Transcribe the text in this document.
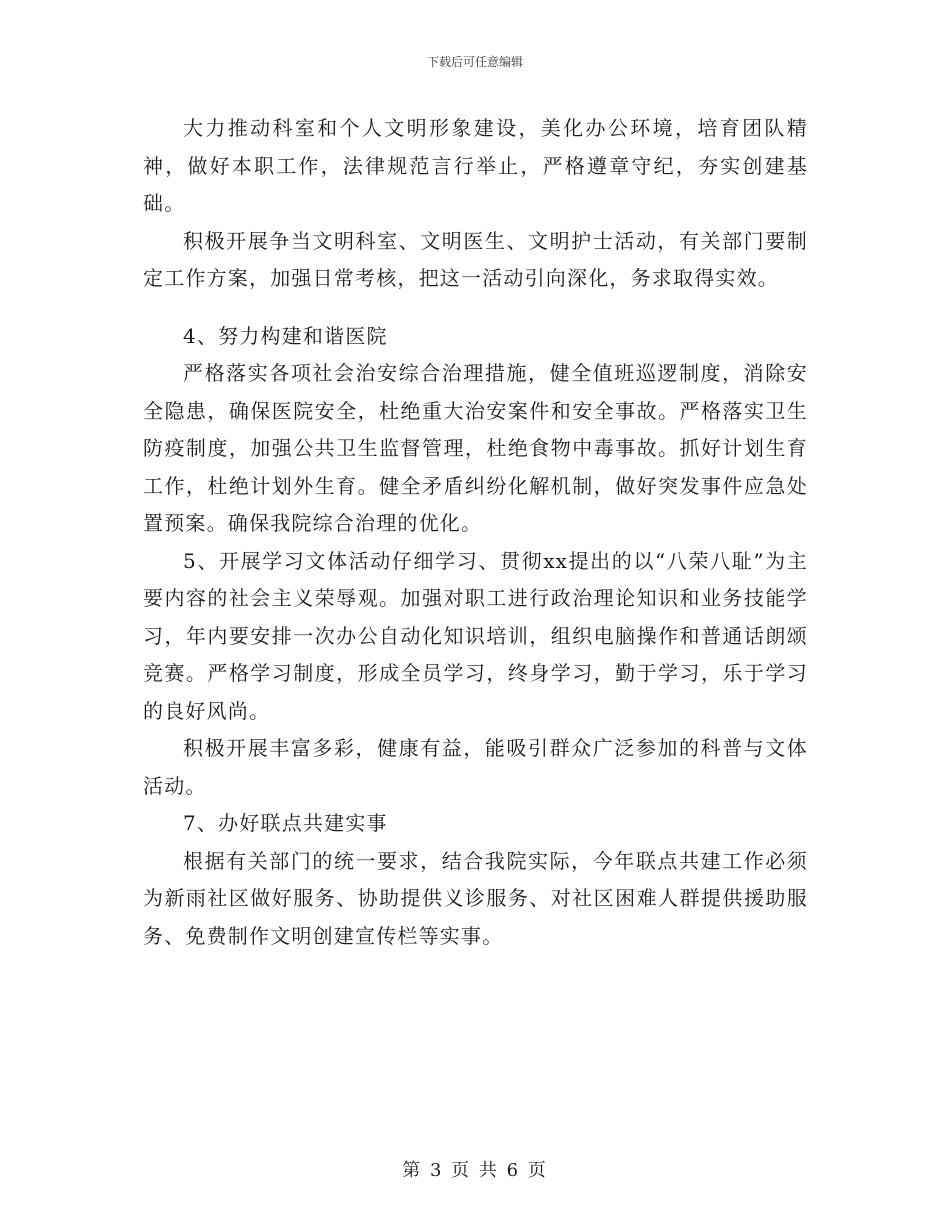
下载后可任意编辑

大力推动科室和个人文明形象建设，美化办公环境，培育团队精神，做好本职工作，法律规范言行举止，严格遵章守纪，夯实创建基础。

积极开展争当文明科室、文明医生、文明护士活动，有关部门要制定工作方案，加强日常考核，把这一活动引向深化，务求取得实效。

4、努力构建和谐医院

严格落实各项社会治安综合治理措施，健全值班巡逻制度，消除安全隐患，确保医院安全，杜绝重大治安案件和安全事故。严格落实卫生防疫制度，加强公共卫生监督管理，杜绝食物中毒事故。抓好计划生育工作，杜绝计划外生育。健全矛盾纠纷化解机制，做好突发事件应急处置预案。确保我院综合治理的优化。

5、开展学习文体活动仔细学习、贯彻xx提出的以“八荣八耻”为主要内容的社会主义荣辱观。加强对职工进行政治理论知识和业务技能学习，年内要安排一次办公自动化知识培训，组织电脑操作和普通话朗颂竞赛。严格学习制度，形成全员学习，终身学习，勤于学习，乐于学习的良好风尚。

积极开展丰富多彩，健康有益，能吸引群众广泛参加的科普与文体活动。

7、办好联点共建实事

根据有关部门的统一要求，结合我院实际，今年联点共建工作必须为新雨社区做好服务、协助提供义诊服务、对社区困难人群提供援助服务、免费制作文明创建宣传栏等实事。

第 3 页 共 6 页
